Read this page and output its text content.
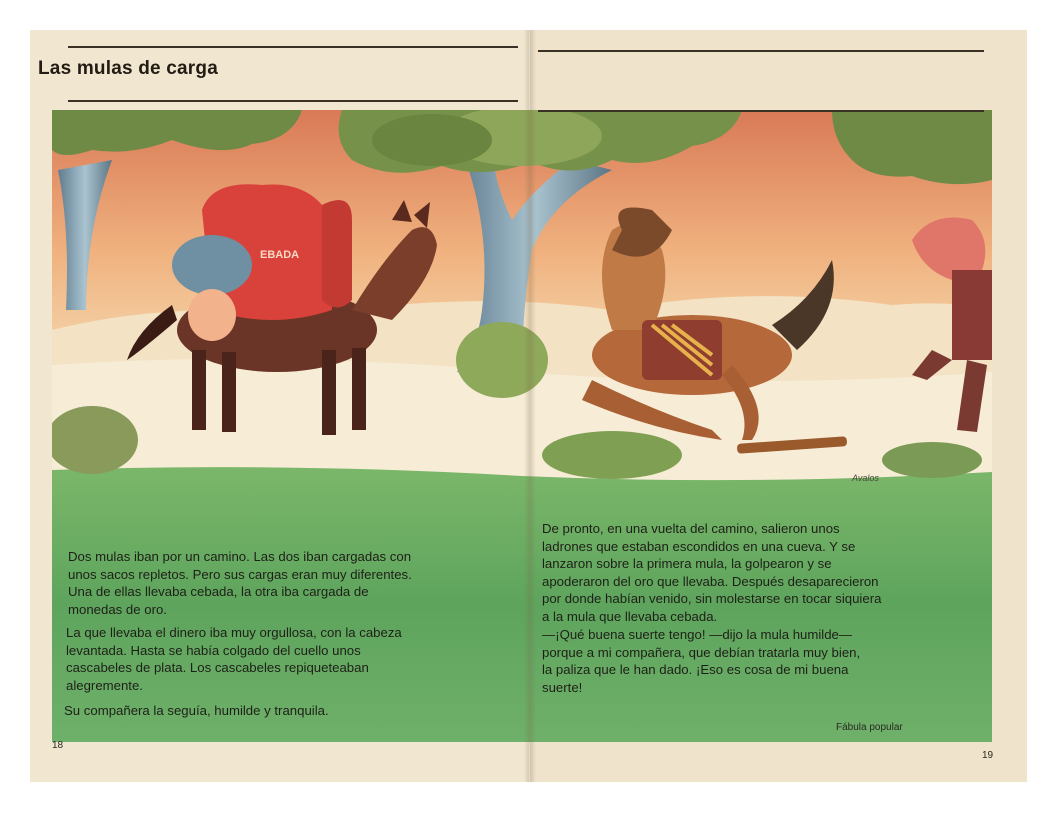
EBADA
Las mulas de carga
Dos mulas iban por un camino. Las dos iban cargadas con
unos sacos repletos. Pero sus cargas eran muy diferentes.
Una de ellas llevaba cebada, la otra iba cargada de
monedas de oro.
La que llevaba el dinero iba muy orgullosa, con la cabeza
levantada. Hasta se había colgado del cuello unos
cascabeles de plata. Los cascabeles repiqueteaban
alegremente.
Su compañera la seguía, humilde y tranquila.
De pronto, en una vuelta del camino, salieron unos
ladrones que estaban escondidos en una cueva. Y se
lanzaron sobre la primera mula, la golpearon y se
apoderaron del oro que llevaba. Después desaparecieron
por donde habían venido, sin molestarse en tocar siquiera
a la mula que llevaba cebada.
—¡Qué buena suerte tengo! —dijo la mula humilde—
porque a mi compañera, que debían tratarla muy bien,
la paliza que le han dado. ¡Eso es cosa de mi buena
suerte!
Fábula popular
Avalos
18
19
